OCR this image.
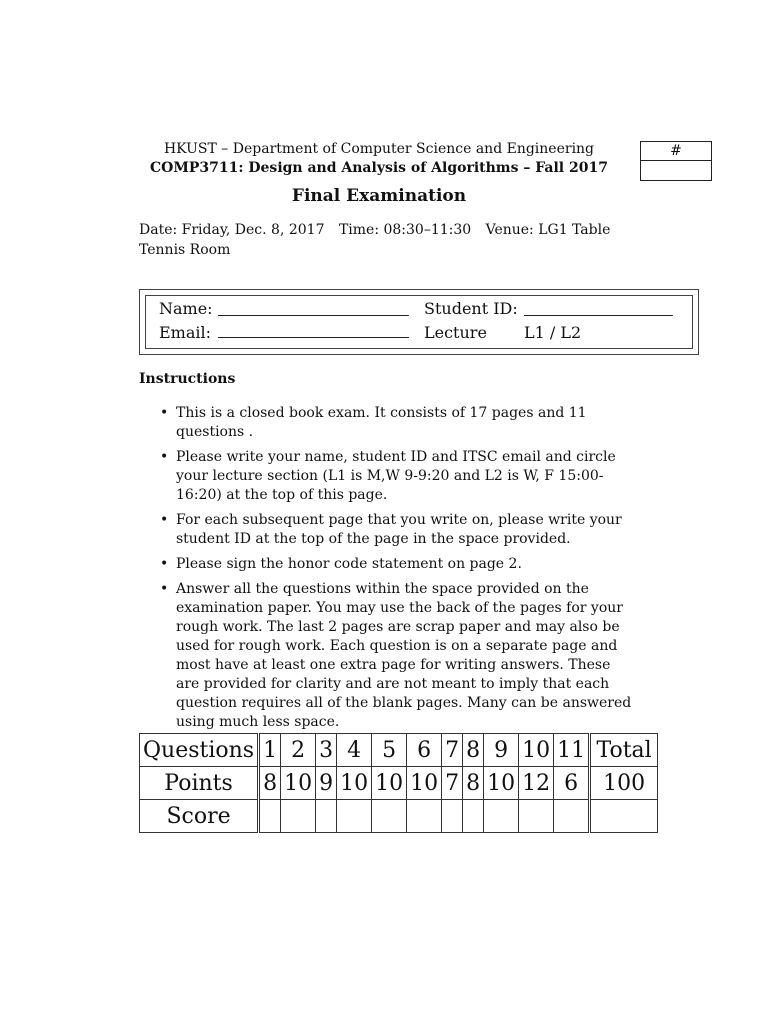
HKUST – Department of Computer Science and Engineering
COMP3711: Design and Analysis of Algorithms – Fall 2017
Final Examination
#
Date: Friday, Dec. 8, 2017 Time: 08:30–11:30 Venue: LG1 Table Tennis Room
Name:
Email:
Student ID:
Lecture L1 / L2
Instructions
• This is a closed book exam. It consists of 17 pages and 11 questions .
• Please write your name, student ID and ITSC email and circle your lecture section (L1 is M,W 9-9:20 and L2 is W, F 15:00-16:20) at the top of this page.
• For each subsequent page that you write on, please write your student ID at the top of the page in the space provided.
• Please sign the honor code statement on page 2.
• Answer all the questions within the space provided on the examination paper. You may use the back of the pages for your rough work. The last 2 pages are scrap paper and may also be used for rough work. Each question is on a separate page and most have at least one extra page for writing answers. These are provided for clarity and are not meant to imply that each question requires all of the blank pages. Many can be answered using much less space.
Questions	1	2	3	4	5	6	7	8	9	10	11	Total
Points	8	10	9	10	10	10	7	8	10	12	6	100
Score												
